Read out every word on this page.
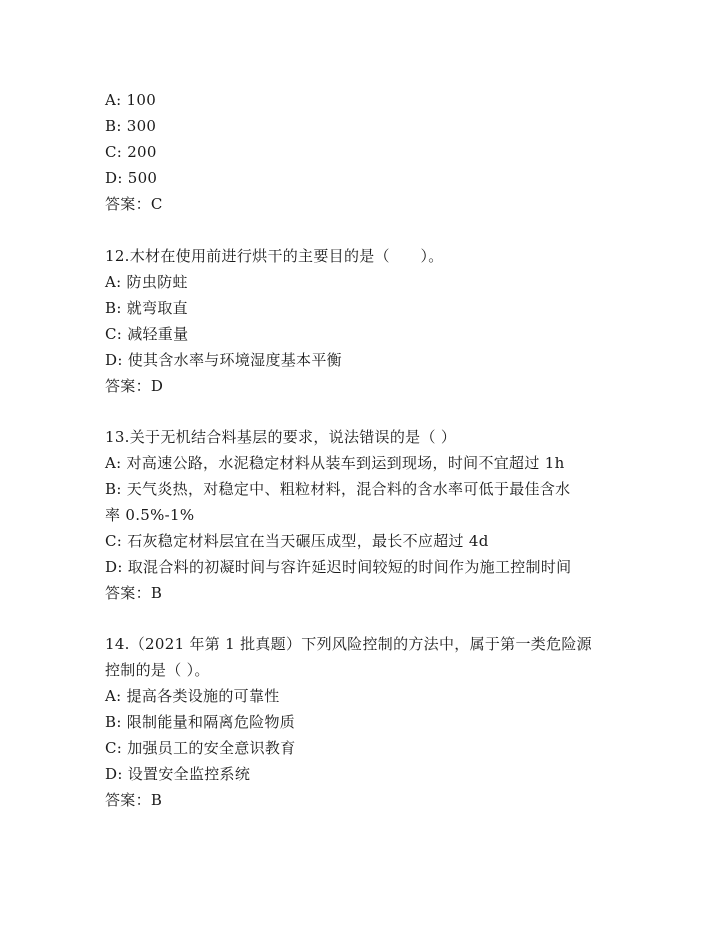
A: 100
B: 300
C: 200
D: 500
答案：C
12.木材在使用前进行烘干的主要目的是（　　）。
A: 防虫防蛀
B: 就弯取直
C: 减轻重量
D: 使其含水率与环境湿度基本平衡
答案：D
13.关于无机结合料基层的要求，说法错误的是（ ）
A: 对高速公路，水泥稳定材料从装车到运到现场，时间不宜超过 1h
B: 天气炎热，对稳定中、粗粒材料，混合料的含水率可低于最佳含水
率 0.5%-1%
C: 石灰稳定材料层宜在当天碾压成型，最长不应超过 4d
D: 取混合料的初凝时间与容许延迟时间较短的时间作为施工控制时间
答案：B
14.（2021 年第 1 批真题）下列风险控制的方法中，属于第一类危险源
控制的是（ ）。
A: 提高各类设施的可靠性
B: 限制能量和隔离危险物质
C: 加强员工的安全意识教育
D: 设置安全监控系统
答案：B
